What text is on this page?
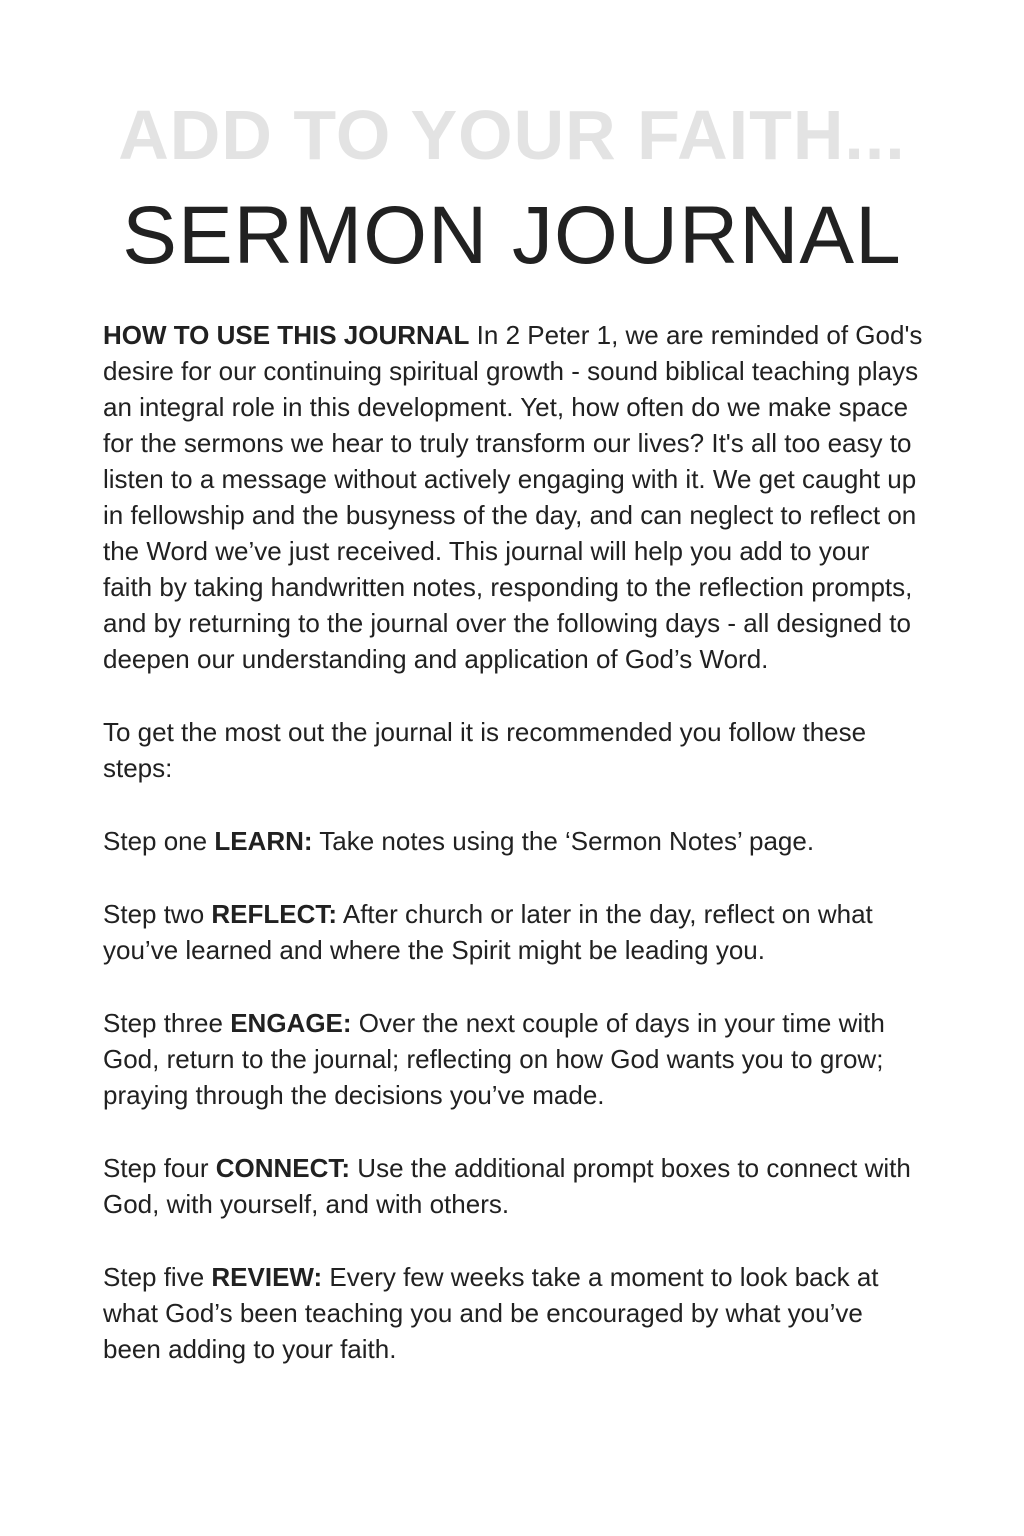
ADD TO YOUR FAITH...
SERMON JOURNAL

HOW TO USE THIS JOURNAL In 2 Peter 1, we are reminded of God's desire for our continuing spiritual growth - sound biblical teaching plays an integral role in this development. Yet, how often do we make space for the sermons we hear to truly transform our lives? It's all too easy to listen to a message without actively engaging with it. We get caught up in fellowship and the busyness of the day, and can neglect to reflect on the Word we’ve just received. This journal will help you add to your faith by taking handwritten notes, responding to the reflection prompts, and by returning to the journal over the following days - all designed to deepen our understanding and application of God’s Word.

To get the most out the journal it is recommended you follow these steps:

Step one LEARN: Take notes using the ‘Sermon Notes’ page.

Step two REFLECT: After church or later in the day, reflect on what you’ve learned and where the Spirit might be leading you.

Step three ENGAGE: Over the next couple of days in your time with God, return to the journal; reflecting on how God wants you to grow; praying through the decisions you’ve made.

Step four CONNECT: Use the additional prompt boxes to connect with God, with yourself, and with others.

Step five REVIEW: Every few weeks take a moment to look back at what God’s been teaching you and be encouraged by what you’ve been adding to your faith.
